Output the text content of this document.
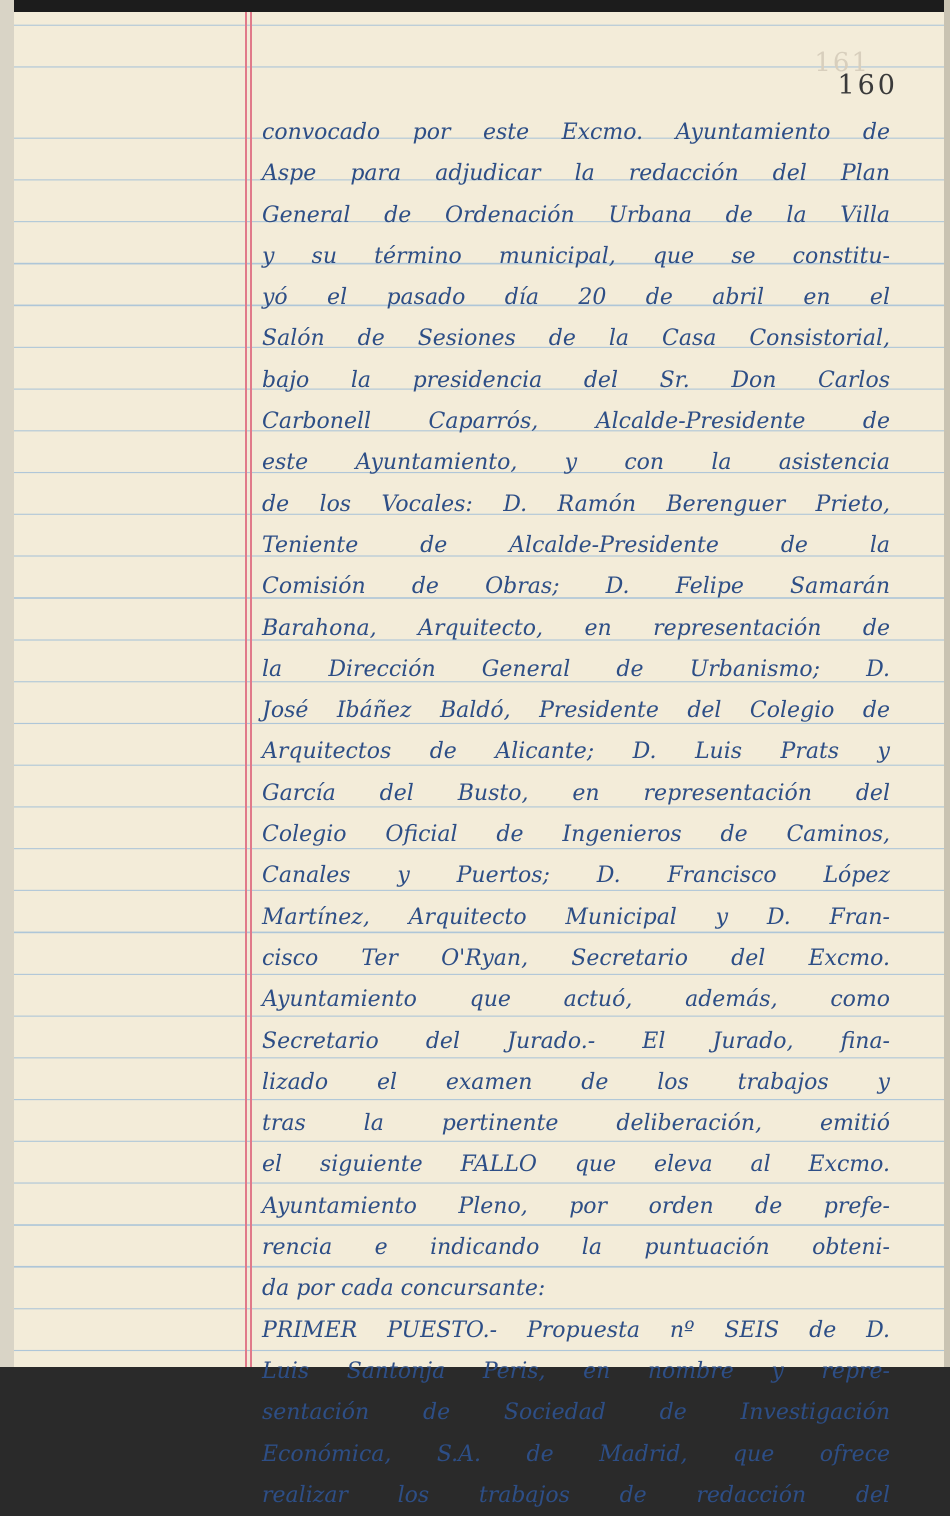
161
160
convocado por este Excmo. Ayuntamiento de
Aspe para adjudicar la redacción del Plan
General de Ordenación Urbana de la Villa
y su término municipal, que se constitu-
yó el pasado día 20 de abril en el
Salón de Sesiones de la Casa Consistorial,
bajo la presidencia del Sr. Don Carlos
Carbonell Caparrós, Alcalde-Presidente de
este Ayuntamiento, y con la asistencia
de los Vocales: D. Ramón Berenguer Prieto,
Teniente de Alcalde-Presidente de la
Comisión de Obras; D. Felipe Samarán
Barahona, Arquitecto, en representación de
la Dirección General de Urbanismo; D.
José Ibáñez Baldó, Presidente del Colegio de
Arquitectos de Alicante; D. Luis Prats y
García del Busto, en representación del
Colegio Oficial de Ingenieros de Caminos,
Canales y Puertos; D. Francisco López
Martínez, Arquitecto Municipal y D. Fran-
cisco Ter O'Ryan, Secretario del Excmo.
Ayuntamiento que actuó, además, como
Secretario del Jurado.- El Jurado, fina-
lizado el examen de los trabajos y
tras la pertinente deliberación, emitió
el siguiente FALLO que eleva al Excmo.
Ayuntamiento Pleno, por orden de prefe-
rencia e indicando la puntuación obteni-
da por cada concursante:
PRIMER PUESTO.- Propuesta nº SEIS de D.
Luis Santonja Peris, en nombre y repre-
sentación de Sociedad de Investigación
Económica, S.A. de Madrid, que ofrece
realizar los trabajos de redacción del
